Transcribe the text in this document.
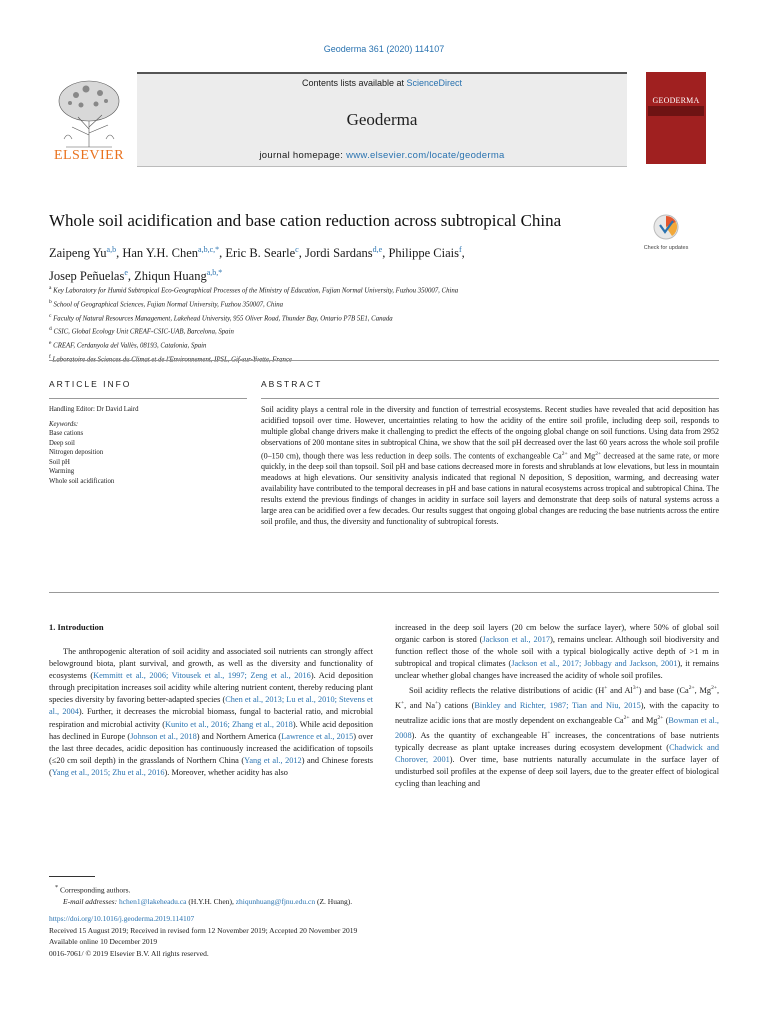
Geoderma 361 (2020) 114107
Contents lists available at ScienceDirect
Geoderma
journal homepage: www.elsevier.com/locate/geoderma
ELSEVIER
GEODERMA
Whole soil acidification and base cation reduction across subtropical China
Check for updates
Zaipeng Yu$^{a,b}$, Han Y.H. Chen$^{a,b,c,*}$, Eric B. Searle$^c$, Jordi Sardans$^{d,e}$, Philippe Ciais$^f$,
Josep Peñuelas$^e$, Zhiqun Huang$^{a,b,*}$
$^a$ Key Laboratory for Humid Subtropical Eco-Geographical Processes of the Ministry of Education, Fujian Normal University, Fuzhou 350007, China
$^b$ School of Geographical Sciences, Fujian Normal University, Fuzhou 350007, China
$^c$ Faculty of Natural Resources Management, Lakehead University, 955 Oliver Road, Thunder Bay, Ontario P7B 5E1, Canada
$^d$ CSIC, Global Ecology Unit CREAF-CSIC-UAB, Barcelona, Spain
$^e$ CREAF, Cerdanyola del Vallès, 08193, Catalonia, Spain
$^f$ Laboratoire des Sciences du Climat et de l'Environnement, IPSL, Gif-sur-Yvette, France
ARTICLE INFO	ABSTRACT
Handling Editor: Dr David Laird
Keywords:
Base cations
Deep soil
Nitrogen deposition
Soil pH
Warming
Whole soil acidification
Soil acidity plays a central role in the diversity and function of terrestrial ecosystems. Recent studies have revealed that acid deposition has acidified topsoil over time. However, uncertainties relating to how the acidity of the entire soil profile, including deep soil, responds to multiple global change drivers make it challenging to predict the effects of the ongoing global change on soil functions. Using data from 2952 observations of 200 montane sites in subtropical China, we show that the soil pH decreased over the last 60 years across the whole soil profile (0–150 cm), though there was less reduction in deep soils. The contents of exchangeable $Ca^{2+}$ and $Mg^{2+}$ decreased at the same rate, or more quickly, in the deep soil than topsoil. Soil pH and base cations decreased more in forests and shrublands at low elevations, but less in mountain meadows at high elevations. Our sensitivity analysis indicated that regional N deposition, S deposition, warming, and decreasing water availability have contributed to the temporal decreases in pH and base cations in natural ecosystems across tropical and subtropical China. The results extend the previous findings of changes in acidity in surface soil layers and demonstrate that deep soils of natural systems across a large area can be acidified over a few decades. Our results suggest that ongoing global changes are reducing the base nutrients across the entire soil profile, and thus, the diversity and functionality of subtropical forests.
1. Introduction

The anthropogenic alteration of soil acidity and associated soil nutrients can strongly affect belowground biota, plant survival, and growth, as well as the diversity and functionality of ecosystems (Kemmitt et al., 2006; Vitousek et al., 1997; Zeng et al., 2016). Acid deposition through precipitation increases soil acidity while altering nutrient content, thereby reducing plant species diversity by favoring better-adapted species (Chen et al., 2013; Lu et al., 2010; Stevens et al., 2004). Further, it decreases the microbial biomass, fungal to bacterial ratio, and microbial respiration and microbial activity (Kunito et al., 2016; Zhang et al., 2018). While acid deposition has declined in Europe (Johnson et al., 2018) and Northern America (Lawrence et al., 2015) over the last three decades, acidic deposition has continuously increased the acidification of topsoils (≤20 cm soil depth) in the grasslands of Northern China (Yang et al., 2012) and Chinese forests (Yang et al., 2015; Zhu et al., 2016). Moreover, whether acidity has also

increased in the deep soil layers (20 cm below the surface layer), where 50% of global soil organic carbon is stored (Jackson et al., 2017), remains unclear. Although soil biodiversity and function reflect those of the whole soil with a typical biologically active depth of >1 m in subtropical and tropical climates (Jackson et al., 2017; Jobbagy and Jackson, 2001), it remains unclear whether global changes have increased the acidity of whole soil profiles.

Soil acidity reflects the relative distributions of acidic (H+ and $Al^{3+}$) and base ($Ca^{2+}$, $Mg^{2+}$, K+, and Na+) cations (Binkley and Richter, 1987; Tian and Niu, 2015), with the capacity to neutralize acidic ions that are mostly dependent on exchangeable $Ca^{2+}$ and $Mg^{2+}$ (Bowman et al., 2008). As the quantity of exchangeable H+ increases, the concentrations of base nutrients typically decrease as plant uptake increases during ecosystem development (Chadwick and Chorover, 2001). Over time, base nutrients naturally accumulate in the surface layer of undisturbed soil profiles at the expense of deep soil layers, due to the greater effect of biological cycling than leaching and

* Corresponding authors.
E-mail addresses: hchen1@lakeheadu.ca (H.Y.H. Chen), zhiqunhuang@fjnu.edu.cn (Z. Huang).
https://doi.org/10.1016/j.geoderma.2019.114107
Received 15 August 2019; Received in revised form 12 November 2019; Accepted 20 November 2019
Available online 10 December 2019
0016-7061/ © 2019 Elsevier B.V. All rights reserved.
